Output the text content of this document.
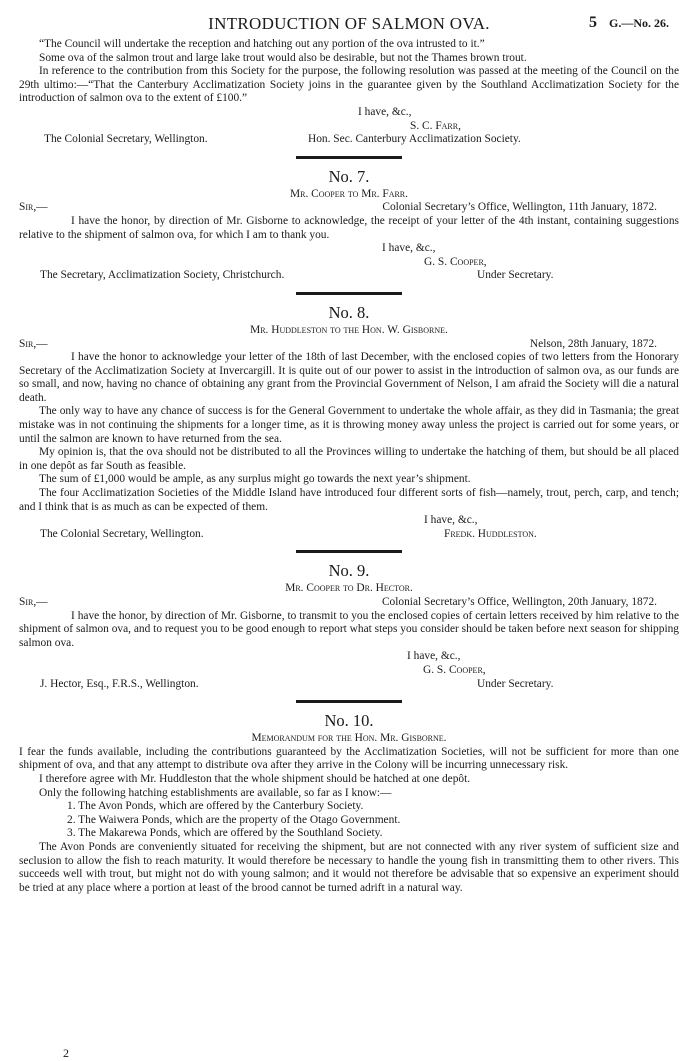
INTRODUCTION OF SALMON OVA.	5 G.—No. 26.

“The Council will undertake the reception and hatching out any portion of the ova intrusted to it.”

Some ova of the salmon trout and large lake trout would also be desirable, but not the Thames brown trout.

In reference to the contribution from this Society for the purpose, the following resolution was passed at the meeting of the Council on the 29th ultimo:—“That the Canterbury Acclimatization Society joins in the guarantee given by the Southland Acclimatization Society for the introduction of salmon ova to the extent of £100.”

I have, &c.,
S. C. Farr,
The Colonial Secretary, Wellington.	Hon. Sec. Canterbury Acclimatization Society.
No. 7.
Mr. Cooper to Mr. Farr.
Sir,—	Colonial Secretary’s Office, Wellington, 11th January, 1872.

I have the honor, by direction of Mr. Gisborne to acknowledge, the receipt of your letter of the 4th instant, containing suggestions relative to the shipment of salmon ova, for which I am to thank you.

I have, &c.,
G. S. Cooper,
The Secretary, Acclimatization Society, Christchurch.	Under Secretary.
No. 8.
Mr. Huddleston to the Hon. W. Gisborne.
Sir,—	Nelson, 28th January, 1872.

I have the honor to acknowledge your letter of the 18th of last December, with the enclosed copies of two letters from the Honorary Secretary of the Acclimatization Society at Invercargill. It is quite out of our power to assist in the introduction of salmon ova, as our funds are so small, and now, having no chance of obtaining any grant from the Provincial Government of Nelson, I am afraid the Society will die a natural death.

The only way to have any chance of success is for the General Government to undertake the whole affair, as they did in Tasmania; the great mistake was in not continuing the shipments for a longer time, as it is throwing money away unless the project is carried out for some years, or until the salmon are known to have returned from the sea.

My opinion is, that the ova should not be distributed to all the Provinces willing to undertake the hatching of them, but should be all placed in one depôt as far South as feasible.

The sum of £1,000 would be ample, as any surplus might go towards the next year’s shipment.

The four Acclimatization Societies of the Middle Island have introduced four different sorts of fish—namely, trout, perch, carp, and tench; and I think that is as much as can be expected of them.

I have, &c.,
The Colonial Secretary, Wellington.	Fredk. Huddleston.
No. 9.
Mr. Cooper to Dr. Hector.
Sir,—	Colonial Secretary’s Office, Wellington, 20th January, 1872.

I have the honor, by direction of Mr. Gisborne, to transmit to you the enclosed copies of certain letters received by him relative to the shipment of salmon ova, and to request you to be good enough to report what steps you consider should be taken before next season for shipping salmon ova.

I have, &c.,
G. S. Cooper,
J. Hector, Esq., F.R.S., Wellington.	Under Secretary.
No. 10.
Memorandum for the Hon. Mr. Gisborne.

I fear the funds available, including the contributions guaranteed by the Acclimatization Societies, will not be sufficient for more than one shipment of ova, and that any attempt to distribute ova after they arrive in the Colony will be incurring unnecessary risk.

I therefore agree with Mr. Huddleston that the whole shipment should be hatched at one depôt.

Only the following hatching establishments are available, so far as I know:—

1. The Avon Ponds, which are offered by the Canterbury Society.
2. The Waiwera Ponds, which are the property of the Otago Government.
3. The Makarewa Ponds, which are offered by the Southland Society.

The Avon Ponds are conveniently situated for receiving the shipment, but are not connected with any river system of sufficient size and seclusion to allow the fish to reach maturity. It would therefore be necessary to handle the young fish in transmitting them to other rivers. This succeeds well with trout, but might not do with young salmon; and it would not therefore be advisable that so expensive an experiment should be tried at any place where a portion at least of the brood cannot be turned adrift in a natural way.

2
